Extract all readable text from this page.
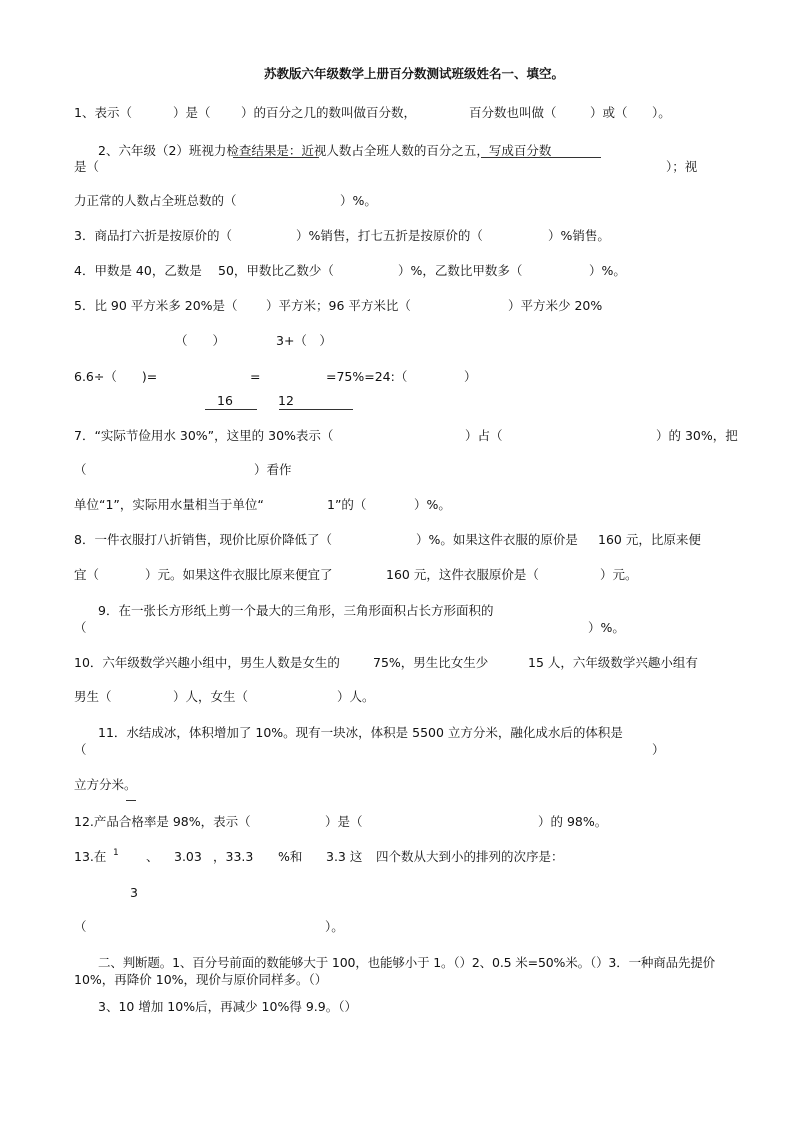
苏教版六年级数学上册百分数测试班级姓名一、填空。
1、表示（	）是（ ）的百分之几的数叫做百分数，	百分数也叫做（	）或（ ）。
2、六年级（2）班视力检查结果是：近视人数占全班人数的百分之五，写成百分数
是（	）；视
力正常的人数占全班总数的（	）%。
3．商品打六折是按原价的（	）%销售，打七五折是按原价的（	）%销售。
4．甲数是 40，乙数是 50，甲数比乙数少（	）%，乙数比甲数多（	）%。
5．比 90 平方米多 20%是（ ）平方米；96 平方米比（	）平方米少 20%
（　　）	3+（　）
6.6÷（　　)=	=	=75%=24:（	）
16	12
7．“实际节俭用水 30%”，这里的 30%表示（	）占（	）的 30%，把
（	）看作
单位“1”，实际用水量相当于单位“	1”的（	）%。
8．一件衣服打八折销售，现价比原价降低了（	）%。如果这件衣服的原价是 160 元，比原来便
宜（	）元。如果这件衣服比原来便宜了	160 元，这件衣服原价是（	）元。
9．在一张长方形纸上剪一个最大的三角形，三角形面积占长方形面积的
（	）%。
10．六年级数学兴趣小组中，男生人数是女生的	75%，男生比女生少	15 人，六年级数学兴趣小组有
男生（	）人，女生（	）人。
11．水结成冰，体积增加了 10%。现有一块冰，体积是 5500 立方分米，融化成水后的体积是
（	）
立方分米。
12.产品合格率是 98%，表示（	）是（	）的 98%。
13.在 1 、 3.03 ，33.3 %和 3.3 这 四个数从大到小的排列的次序是：
3
（	）。
二、判断题。1、百分号前面的数能够大于 100，也能够小于 1。（）2、0.5 米=50%米。（）3．一种商品先提价
10%，再降价 10%，现价与原价同样多。（）
3、10 增加 10%后，再减少 10%得 9.9。（）
